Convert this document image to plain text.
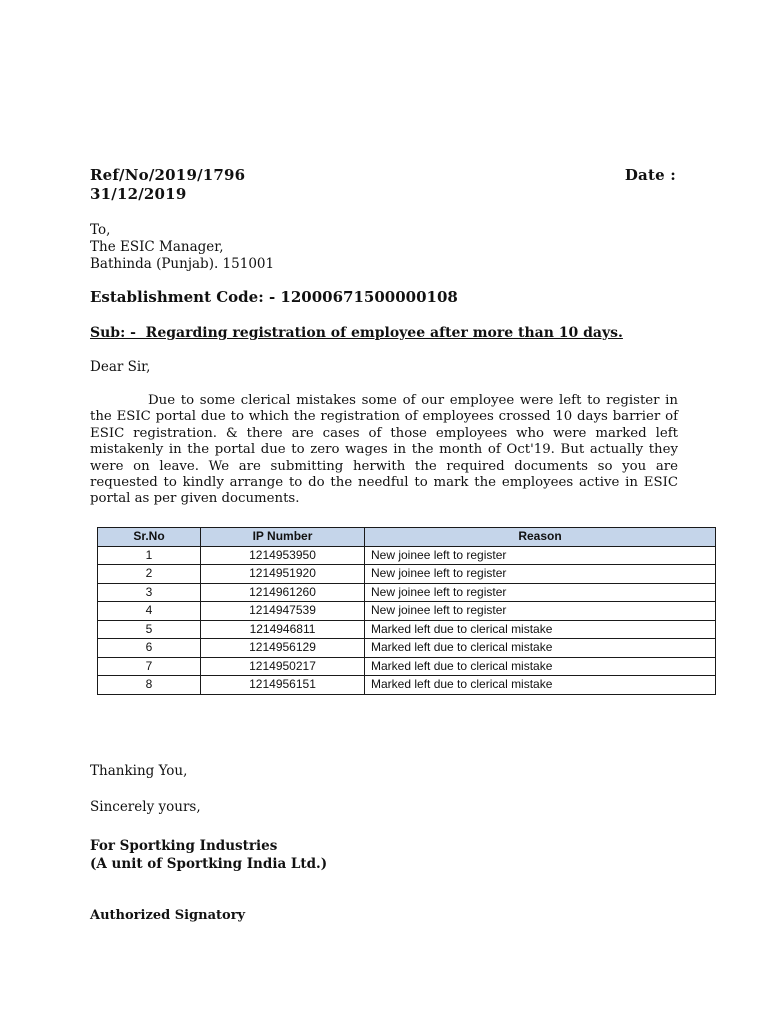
Ref/No/2019/1796	Date :
31/12/2019
To,
The ESIC Manager,
Bathinda (Punjab). 151001
Establishment Code: - 12000671500000108
Sub: -  Regarding registration of employee after more than 10 days.
Dear Sir,
Due to some clerical mistakes some of our employee were left to register in the ESIC portal due to which the registration of employees crossed 10 days barrier of ESIC registration. & there are cases of those employees who were marked left mistakenly in the portal due to zero wages in the month of Oct'19. But actually they were on leave. We are submitting herwith the required documents so you are requested to kindly arrange to do the needful to mark the employees active in ESIC portal as per given documents.
Sr.No	IP Number	Reason
1	1214953950	New joinee left to register
2	1214951920	New joinee left to register
3	1214961260	New joinee left to register
4	1214947539	New joinee left to register
5	1214946811	Marked left due to clerical mistake
6	1214956129	Marked left due to clerical mistake
7	1214950217	Marked left due to clerical mistake
8	1214956151	Marked left due to clerical mistake
Thanking You,
Sincerely yours,
For Sportking Industries
(A unit of Sportking India Ltd.)
Authorized Signatory
